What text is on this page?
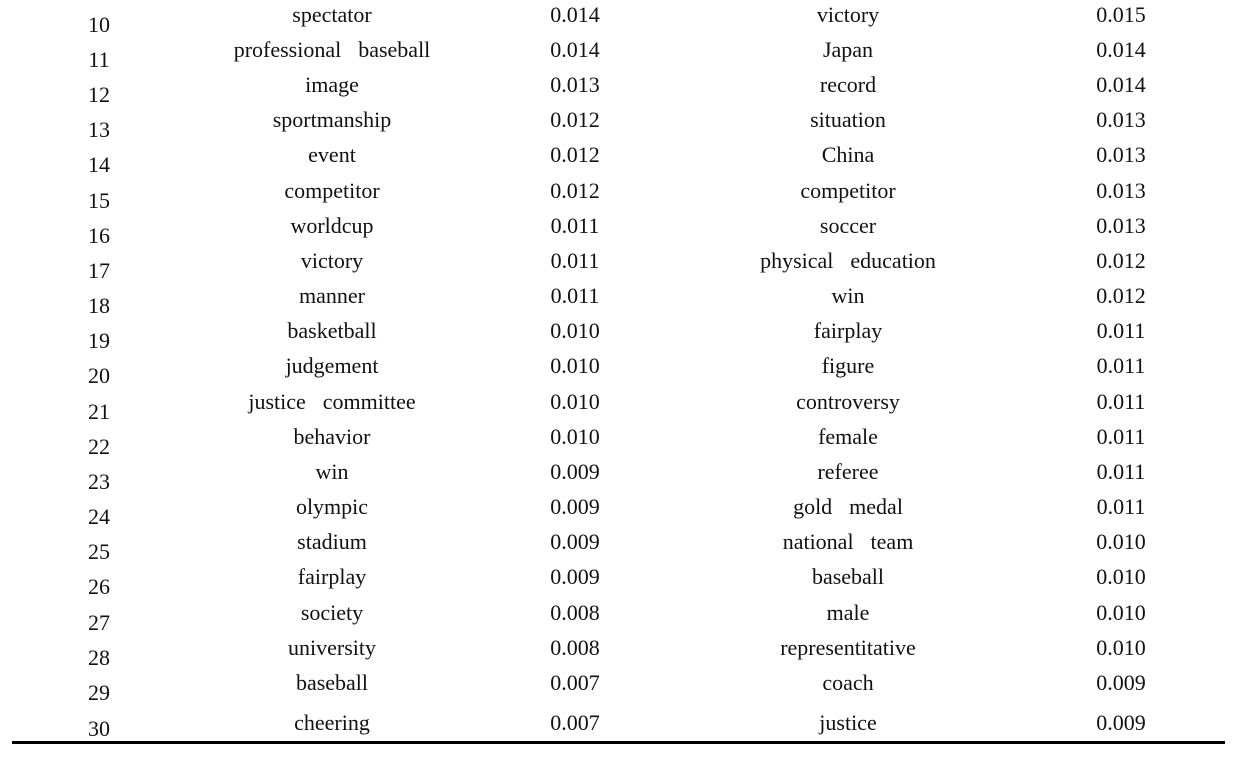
10	spectator	0.014	victory	0.015
11	professional  baseball	0.014	Japan	0.014
12	image	0.013	record	0.014
13	sportmanship	0.012	situation	0.013
14	event	0.012	China	0.013
15	competitor	0.012	competitor	0.013
16	worldcup	0.011	soccer	0.013
17	victory	0.011	physical  education	0.012
18	manner	0.011	win	0.012
19	basketball	0.010	fairplay	0.011
20	judgement	0.010	figure	0.011
21	justice  committee	0.010	controversy	0.011
22	behavior	0.010	female	0.011
23	win	0.009	referee	0.011
24	olympic	0.009	gold  medal	0.011
25	stadium	0.009	national  team	0.010
26	fairplay	0.009	baseball	0.010
27	society	0.008	male	0.010
28	university	0.008	representitative	0.010
29	baseball	0.007	coach	0.009
30	cheering	0.007	justice	0.009
